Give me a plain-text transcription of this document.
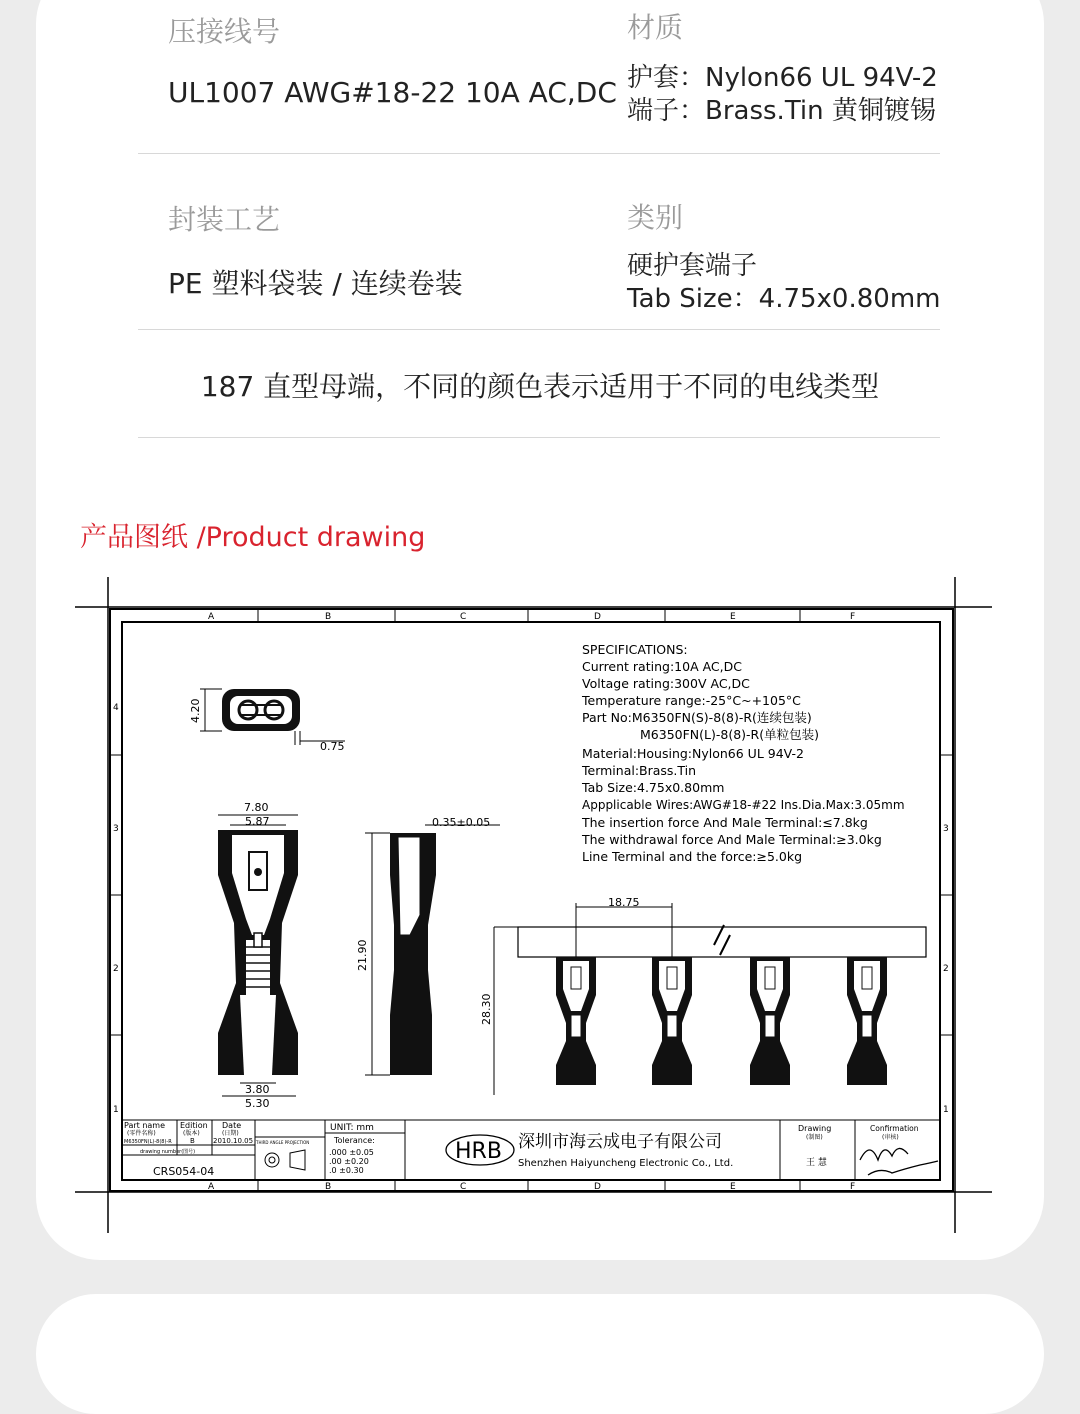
压接线号
UL1007 AWG#18-22 10A AC,DC
材质
护套：Nylon66 UL 94V-2
端子：Brass.Tin 黄铜镀锡
封装工艺
PE 塑料袋装 / 连续卷装
类别
硬护套端子
Tab Size：4.75x0.80mm
187 直型母端，不同的颜色表示适用于不同的电线类型
产品图纸 /Product drawing
A	B	C	D	E	F
A	B	C	D	E	F
4
3
2
1
3
2
1
SPECIFICATIONS:
Current rating:10A AC,DC
Voltage rating:300V AC,DC
Temperature range:-25°C~+105°C
Part No:M6350FN(S)-8(8)-R(连续包装)
M6350FN(L)-8(8)-R(单粒包装)
Material:Housing:Nylon66 UL 94V-2
Terminal:Brass.Tin
Tab Size:4.75x0.80mm
Appplicable Wires:AWG#18-#22 Ins.Dia.Max:3.05mm
The insertion force And Male Terminal:≤7.8kg
The withdrawal force And Male Terminal:≥3.0kg
Line Terminal and the force:≥5.0kg
4.20
0.75
7.80
5.87
3.80
5.30
0.35±0.05
21.90
18.75
28.30
Part name
(零件名称)
Edition
(版本)
Date
(日期)
M6350FN(L)-8(8)-R	B	2010.10.05
drawing number(图号)
CRS054-04
THIRD ANGLE PROJECTION
UNIT: mm
Tolerance:
.000 ±0.05
.00 ±0.20
.0 ±0.30
HRB 深圳市海云成电子有限公司
Shenzhen Haiyuncheng Electronic Co., Ltd.
Drawing
(制图)
王 慧
Confirmation
(审核)
